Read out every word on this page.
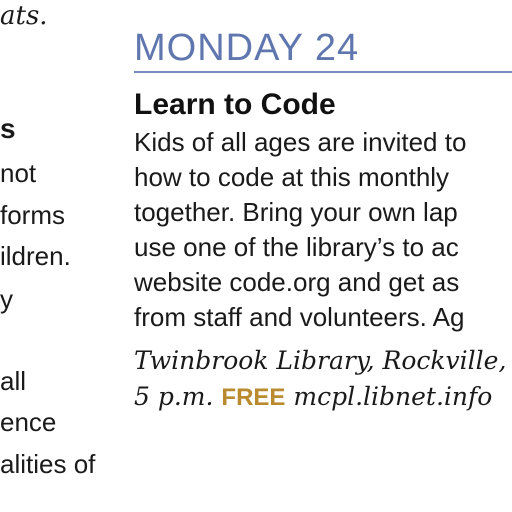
ats.
s
not
forms
ildren.
y
all
ence
alities of
MONDAY 24
Learn to Code
Kids of all ages are invited to
how to code at this monthly
together. Bring your own lap
use one of the library’s to ac
website code.org and get as
from staff and volunteers. Ag
Twinbrook Library, Rockville,
5 p.m. FREE mcpl.libnet.info
